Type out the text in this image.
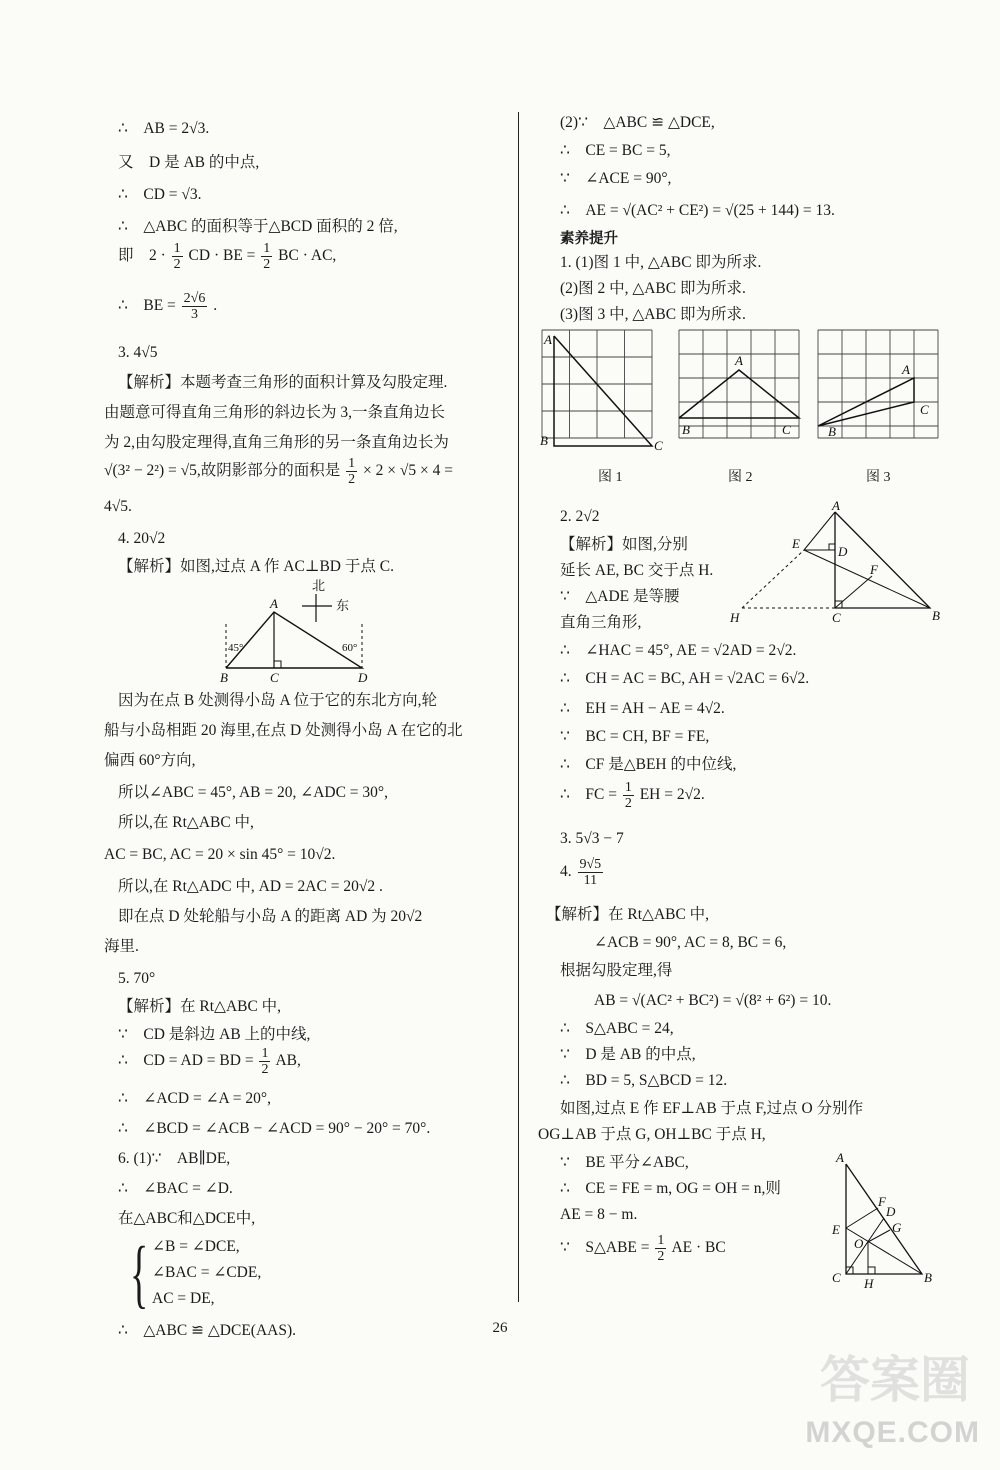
∴　AB = 2√3.
又　D 是 AB 的中点,
∴　CD = √3.
∴　△ABC 的面积等于△BCD 面积的 2 倍,
即　$2 \cdot \frac{1}{2}$ CD · BE = $\frac{1}{2}$ BC · AC,
∴　BE = $\frac{2√6}{3}$ .
3. 4√5
【解析】本题考查三角形的面积计算及勾股定理.
由题意可得直角三角形的斜边长为 3,一条直角边长
为 2,由勾股定理得,直角三角形的另一条直角边长为
√(3² − 2²) = √5,故阴影部分的面积是 $\frac{1}{2} \times 2 \times √5 \times 4$ =
4√5.
4. 20√2
【解析】如图,过点 A 作 AC⊥BD 于点 C.
北
东
45°	60°
A
B	C	D
因为在点 B 处测得小岛 A 位于它的东北方向,轮
船与小岛相距 20 海里,在点 D 处测得小岛 A 在它的北
偏西 60°方向,
所以∠ABC = 45°, AB = 20, ∠ADC = 30°,
所以,在 Rt△ABC 中,
AC = BC, AC = 20 × sin 45° = 10√2.
所以,在 Rt△ADC 中, AD = 2AC = 20√2 .
即在点 D 处轮船与小岛 A 的距离 AD 为 20√2
海里.
5. 70°
【解析】在 Rt△ABC 中,
∵　CD 是斜边 AB 上的中线,
∴　CD = AD = BD = $\frac{1}{2}$ AB,
∴　∠ACD = ∠A = 20°,
∴　∠BCD = ∠ACB − ∠ACD = 90° − 20° = 70°.
6. (1)∵　AB∥DE,
∴　∠BAC = ∠D.
在△ABC和△DCE中,
{ ∠B = ∠DCE,
∠BAC = ∠CDE,
AC = DE,
∴　△ABC ≌ △DCE(AAS).
(2)∵　△ABC ≌ △DCE,
∴　CE = BC = 5,
∵　∠ACE = 90°,
∴　AE = √(AC² + CE²) = √(25 + 144) = 13.
素养提升
1. (1)图 1 中, △ABC 即为所求.
(2)图 2 中, △ABC 即为所求.
(3)图 3 中, △ABC 即为所求.
A
B	C
A
B	C
A
B
C
图 1	图 2	图 3
2. 2√2
【解析】如图,分别
延长 AE, BC 交于点 H.
∵　△ADE 是等腰
直角三角形,
A
E
D
F
H	C	B
∴　∠HAC = 45°, AE = √2AD = 2√2.
∴　CH = AC = BC, AH = √2AC = 6√2.
∴　EH = AH − AE = 4√2.
∵　BC = CH, BF = FE,
∴　CF 是△BEH 的中位线,
∴　FC = $\frac{1}{2}$ EH = 2√2.
3. 5√3 − 7
4. $\frac{9√5}{11}$
【解析】在 Rt△ABC 中,
∠ACB = 90°, AC = 8, BC = 6,
根据勾股定理,得
AB = √(AC² + BC²) = √(8² + 6²) = 10.
∴　S△ABC = 24,
∵　D 是 AB 的中点,
∴　BD = 5, S△BCD = 12.
如图,过点 E 作 EF⊥AB 于点 F,过点 O 分别作
OG⊥AB 于点 G, OH⊥BC 于点 H,
∵　BE 平分∠ABC,
∴　CE = FE = m, OG = OH = n,则
AE = 8 − m.
∵　S△ABE = $\frac{1}{2}$ AE · BC
A
F
D
G
E
O
C H	B
26
答案圈
MXQE.COM
